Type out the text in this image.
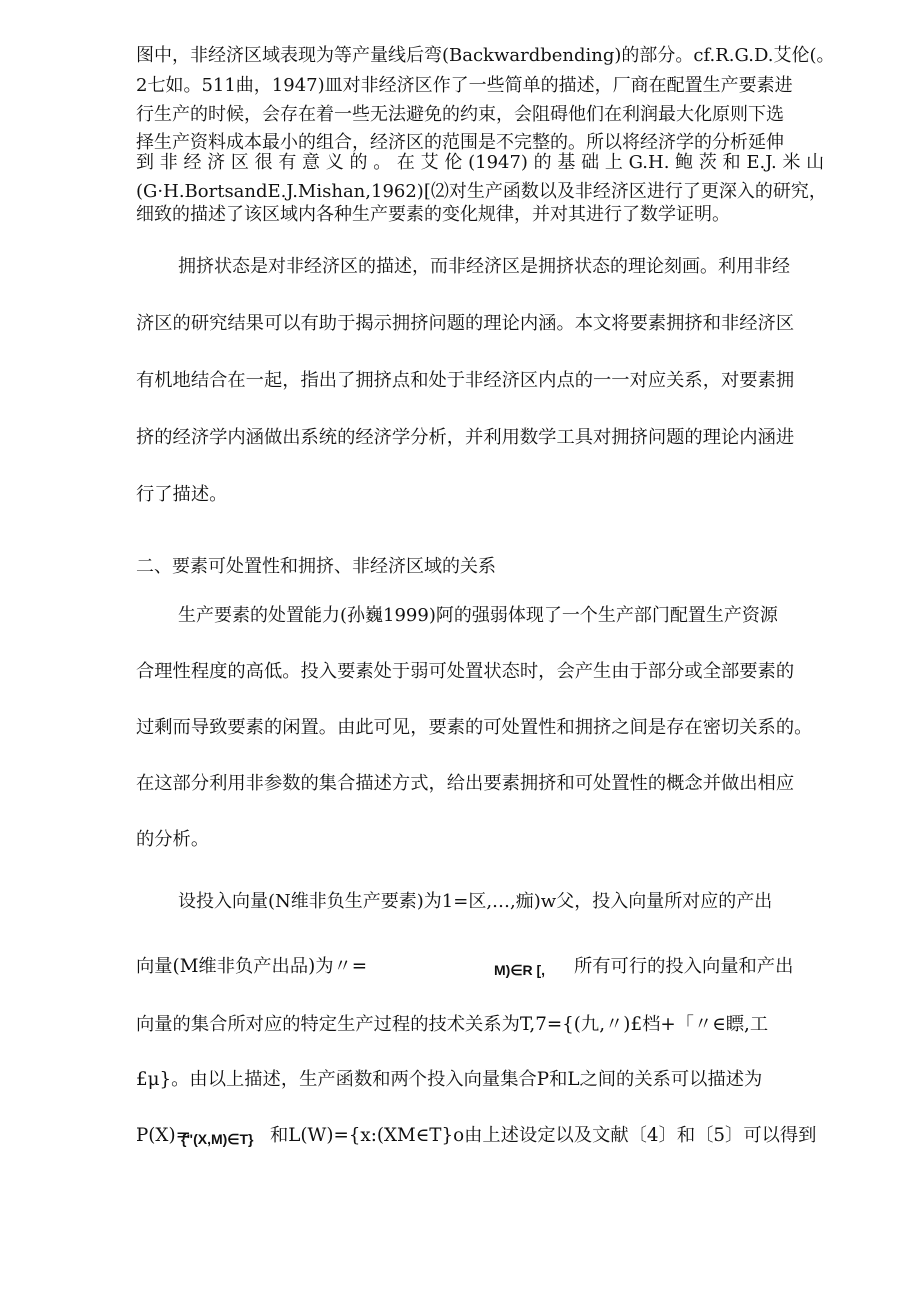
图中，非经济区域表现为等产量线后弯(Backwardbending)的部分。cf.R.G.D.艾伦(。
2七如。511曲，1947)皿对非经济区作了一些简单的描述，厂商在配置生产要素进
行生产的时候，会存在着一些无法避免的约束，会阻碍他们在利润最大化原则下选
择生产资料成本最小的组合，经济区的范围是不完整的。所以将经济学的分析延伸
到 非 经 济 区 很 有 意 义 的 。 在 艾 伦 (1947) 的 基 础 上 G.H. 鲍 茨 和 E.J. 米 山
(G·H.BortsandE.J.Mishan,1962)[⑵对生产函数以及非经济区进行了更深入的研究，
细致的描述了该区域内各种生产要素的变化规律，并对其进行了数学证明。
拥挤状态是对非经济区的描述，而非经济区是拥挤状态的理论刻画。利用非经
济区的研究结果可以有助于揭示拥挤问题的理论内涵。本文将要素拥挤和非经济区
有机地结合在一起，指出了拥挤点和处于非经济区内点的一一对应关系，对要素拥
挤的经济学内涵做出系统的经济学分析，并利用数学工具对拥挤问题的理论内涵进
行了描述。
二、要素可处置性和拥挤、非经济区域的关系
生产要素的处置能力(孙巍1999)阿的强弱体现了一个生产部门配置生产资源
合理性程度的高低。投入要素处于弱可处置状态时，会产生由于部分或全部要素的
过剩而导致要素的闲置。由此可见，要素的可处置性和拥挤之间是存在密切关系的。
在这部分利用非参数的集合描述方式，给出要素拥挤和可处置性的概念并做出相应
的分析。
设投入向量(N维非负生产要素)为1=区,…,痂)w父，投入向量所对应的产出
向量(M维非负产出品)为〃=	M)∈R [, 所有可行的投入向量和产出
向量的集合所对应的特定生产过程的技术关系为T,7={(九,〃)£档+「〃∈瞟,工
£μ}。由以上描述，生产函数和两个投入向量集合P和L之间的关系可以描述为
P(X)=
{"(X,M)∈T} 和L(W)={x:(XM∈T}o由上述设定以及文献〔4〕和〔5〕可以得到
